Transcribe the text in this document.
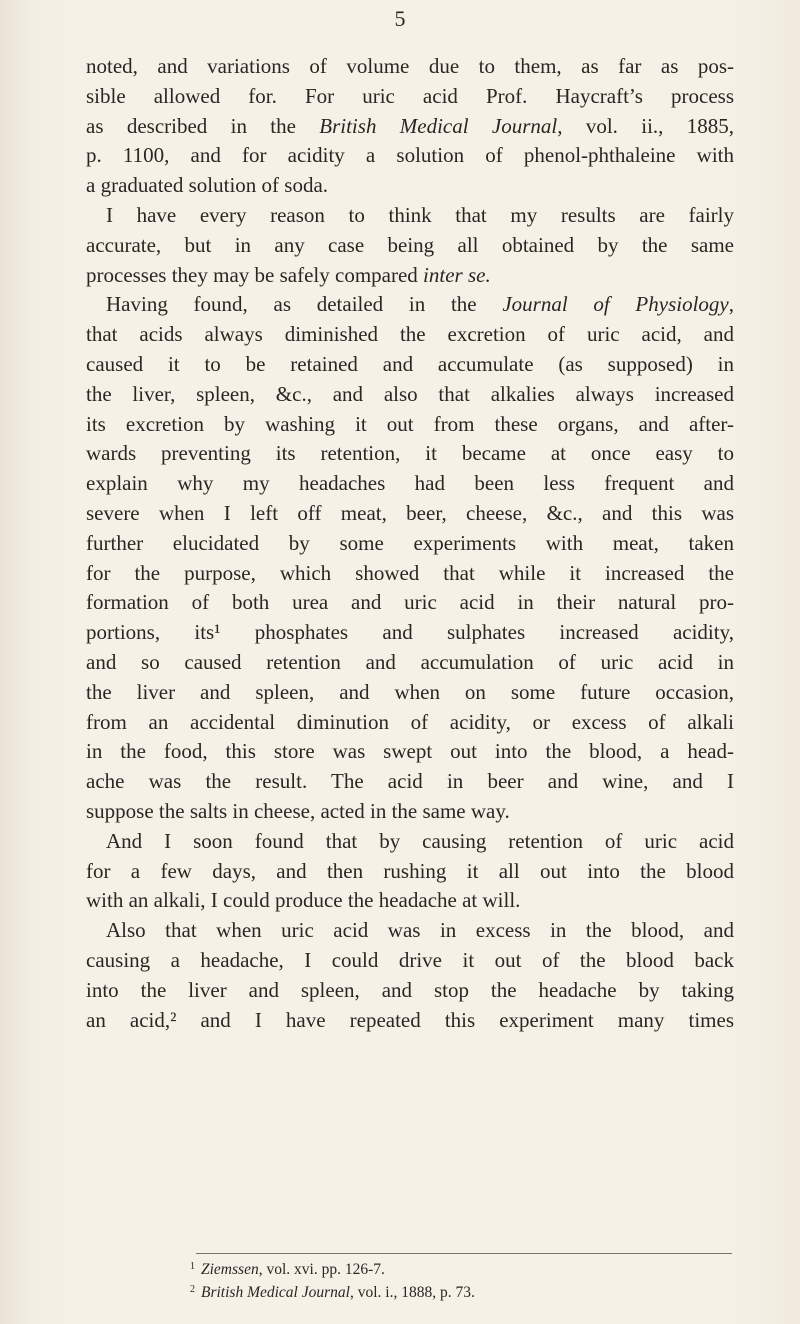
5
noted, and variations of volume due to them, as far as pos-
sible allowed for. For uric acid Prof. Haycraft’s process
as described in the British Medical Journal, vol. ii., 1885,
p. 1100, and for acidity a solution of phenol-phthaleine with
a graduated solution of soda.
I have every reason to think that my results are fairly
accurate, but in any case being all obtained by the same
processes they may be safely compared inter se.
Having found, as detailed in the Journal of Physiology,
that acids always diminished the excretion of uric acid, and
caused it to be retained and accumulate (as supposed) in
the liver, spleen, &c., and also that alkalies always increased
its excretion by washing it out from these organs, and after-
wards preventing its retention, it became at once easy to
explain why my headaches had been less frequent and
severe when I left off meat, beer, cheese, &c., and this was
further elucidated by some experiments with meat, taken
for the purpose, which showed that while it increased the
formation of both urea and uric acid in their natural pro-
portions, its¹ phosphates and sulphates increased acidity,
and so caused retention and accumulation of uric acid in
the liver and spleen, and when on some future occasion,
from an accidental diminution of acidity, or excess of alkali
in the food, this store was swept out into the blood, a head-
ache was the result. The acid in beer and wine, and I
suppose the salts in cheese, acted in the same way.
And I soon found that by causing retention of uric acid
for a few days, and then rushing it all out into the blood
with an alkali, I could produce the headache at will.
Also that when uric acid was in excess in the blood, and
causing a headache, I could drive it out of the blood back
into the liver and spleen, and stop the headache by taking
an acid,² and I have repeated this experiment many times
$^1$ Ziemssen, vol. xvi. pp. 126-7.
$^2$ British Medical Journal, vol. i., 1888, p. 73.
